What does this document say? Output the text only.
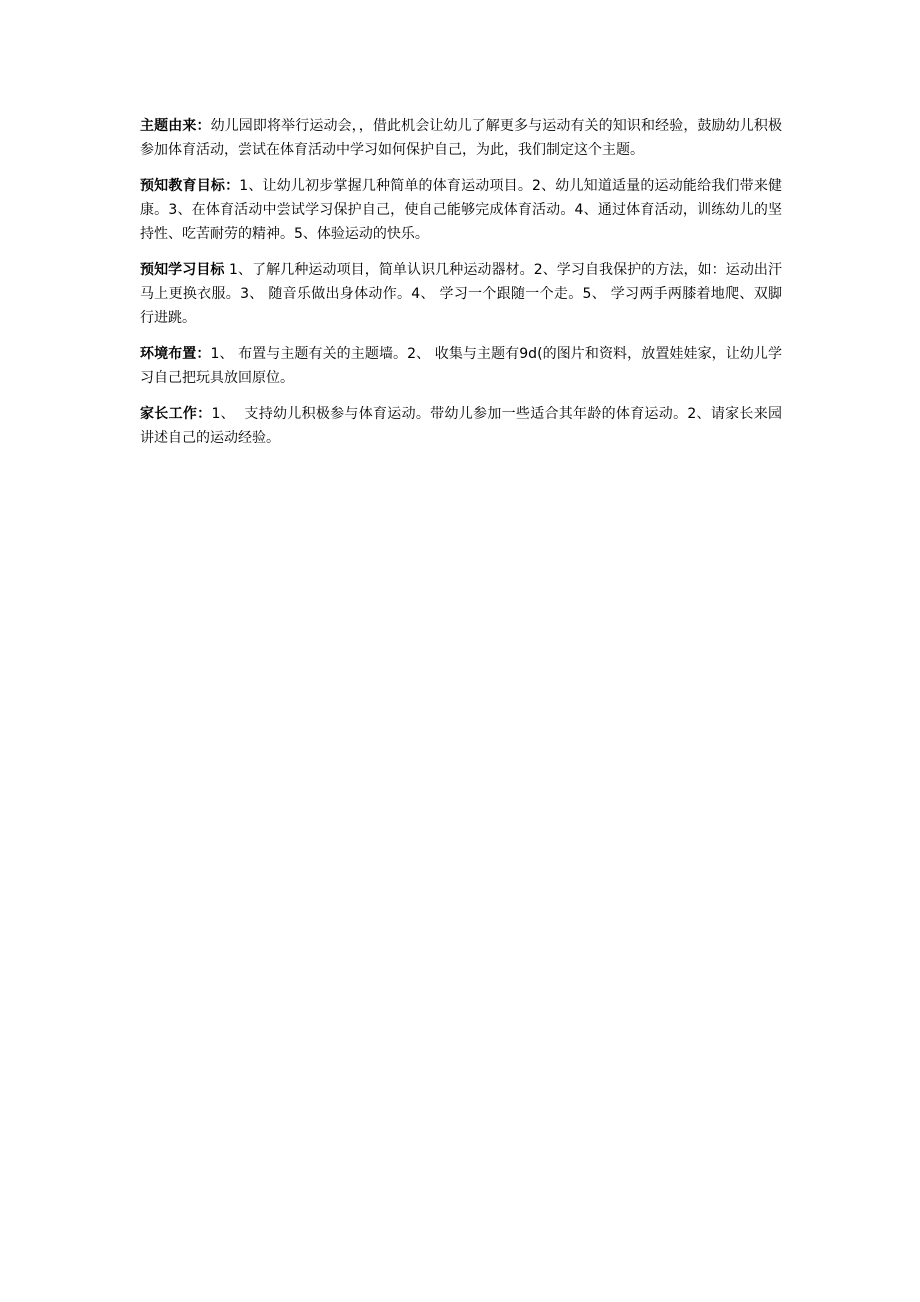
主题由来：幼儿园即将举行运动会，，借此机会让幼儿了解更多与运动有关的知识和经验，鼓励幼儿积极参加体育活动，尝试在体育活动中学习如何保护自己，为此，我们制定这个主题。

预知教育目标：1、让幼儿初步掌握几种简单的体育运动项目。2、幼儿知道适量的运动能给我们带来健康。3、在体育活动中尝试学习保护自己，使自己能够完成体育活动。4、通过体育活动，训练幼儿的坚持性、吃苦耐劳的精神。5、体验运动的快乐。

预知学习目标 1、了解几种运动项目，简单认识几种运动器材。2、学习自我保护的方法，如：运动出汗马上更换衣服。3、 随音乐做出身体动作。4、 学习一个跟随一个走。5、 学习两手两膝着地爬、双脚行进跳。

环境布置：1、 布置与主题有关的主题墙。2、 收集与主题有9d(的图片和资料，放置娃娃家，让幼儿学习自己把玩具放回原位。

家长工作：1、  支持幼儿积极参与体育运动。带幼儿参加一些适合其年龄的体育运动。2、请家长来园讲述自己的运动经验。
